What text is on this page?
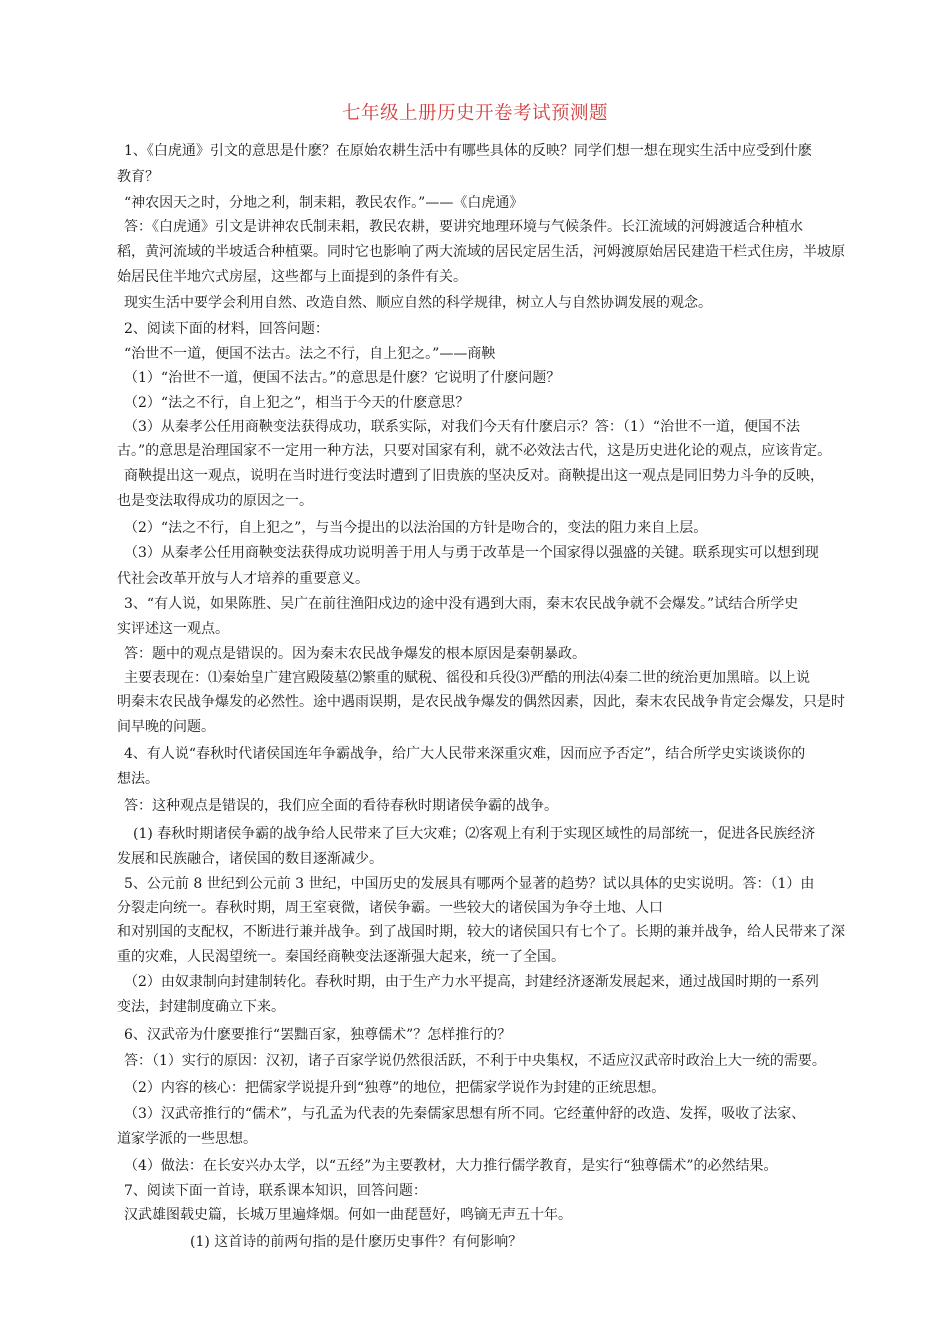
七年级上册历史开卷考试预测题
1、《白虎通》引文的意思是什麽？在原始农耕生活中有哪些具体的反映？同学们想一想在现实生活中应受到什麽
教育？
“神农因天之时，分地之利，制耒耜，教民农作。”——《白虎通》
答：《白虎通》引文是讲神农氏制耒耜，教民农耕，要讲究地理环境与气候条件。长江流域的河姆渡适合种植水
稻，黄河流域的半坡适合种植粟。同时它也影响了两大流域的居民定居生活，河姆渡原始居民建造干栏式住房，半坡原
始居民住半地穴式房屋，这些都与上面提到的条件有关。
现实生活中要学会利用自然、改造自然、顺应自然的科学规律，树立人与自然协调发展的观念。
2、阅读下面的材料，回答问题：
“治世不一道，便国不法古。法之不行，自上犯之。”——商鞅
（1）“治世不一道，便国不法古。”的意思是什麽？它说明了什麽问题？
（2）“法之不行，自上犯之”，相当于今天的什麽意思？
（3）从秦孝公任用商鞅变法获得成功，联系实际，对我们今天有什麽启示？答：（1）“治世不一道，便国不法
古。”的意思是治理国家不一定用一种方法，只要对国家有利，就不必效法古代，这是历史进化论的观点，应该肯定。
商鞅提出这一观点，说明在当时进行变法时遭到了旧贵族的坚决反对。商鞅提出这一观点是同旧势力斗争的反映，
也是变法取得成功的原因之一。
（2）“法之不行，自上犯之”，与当今提出的以法治国的方针是吻合的，变法的阻力来自上层。
（3）从秦孝公任用商鞅变法获得成功说明善于用人与勇于改革是一个国家得以强盛的关键。联系现实可以想到现
代社会改革开放与人才培养的重要意义。
3、“有人说，如果陈胜、吴广在前往渔阳戍边的途中没有遇到大雨，秦末农民战争就不会爆发。”试结合所学史
实评述这一观点。
答：题中的观点是错误的。因为秦末农民战争爆发的根本原因是秦朝暴政。
主要表现在：⑴秦始皇广建宫殿陵墓⑵繁重的赋税、徭役和兵役⑶严酷的刑法⑷秦二世的统治更加黑暗。以上说
明秦末农民战争爆发的必然性。途中遇雨误期，是农民战争爆发的偶然因素，因此，秦末农民战争肯定会爆发，只是时
间早晚的问题。
4、有人说“春秋时代诸侯国连年争霸战争，给广大人民带来深重灾难，因而应予否定”，结合所学史实谈谈你的
想法。
答：这种观点是错误的，我们应全面的看待春秋时期诸侯争霸的战争。
(1) 春秋时期诸侯争霸的战争给人民带来了巨大灾难；⑵客观上有利于实现区域性的局部统一，促进各民族经济
发展和民族融合，诸侯国的数目逐渐减少。
5、公元前 8 世纪到公元前 3 世纪，中国历史的发展具有哪两个显著的趋势？试以具体的史实说明。答：（1）由
分裂走向统一。春秋时期，周王室衰微，诸侯争霸。一些较大的诸侯国为争夺土地、人口
和对别国的支配权，不断进行兼并战争。到了战国时期，较大的诸侯国只有七个了。长期的兼并战争，给人民带来了深
重的灾难，人民渴望统一。秦国经商鞅变法逐渐强大起来，统一了全国。
（2）由奴隶制向封建制转化。春秋时期，由于生产力水平提高，封建经济逐渐发展起来，通过战国时期的一系列
变法，封建制度确立下来。
6、汉武帝为什麽要推行“罢黜百家，独尊儒术”？怎样推行的？
答：（1）实行的原因：汉初，诸子百家学说仍然很活跃，不利于中央集权，不适应汉武帝时政治上大一统的需要。
（2）内容的核心：把儒家学说提升到“独尊”的地位，把儒家学说作为封建的正统思想。
（3）汉武帝推行的“儒术”，与孔孟为代表的先秦儒家思想有所不同。它经董仲舒的改造、发挥，吸收了法家、
道家学派的一些思想。
（4）做法：在长安兴办太学，以“五经”为主要教材，大力推行儒学教育，是实行“独尊儒术”的必然结果。
7、阅读下面一首诗，联系课本知识，回答问题：
汉武雄图载史篇，长城万里遍烽烟。何如一曲琵琶好，鸣镝无声五十年。
(1) 这首诗的前两句指的是什麽历史事件？有何影响？
